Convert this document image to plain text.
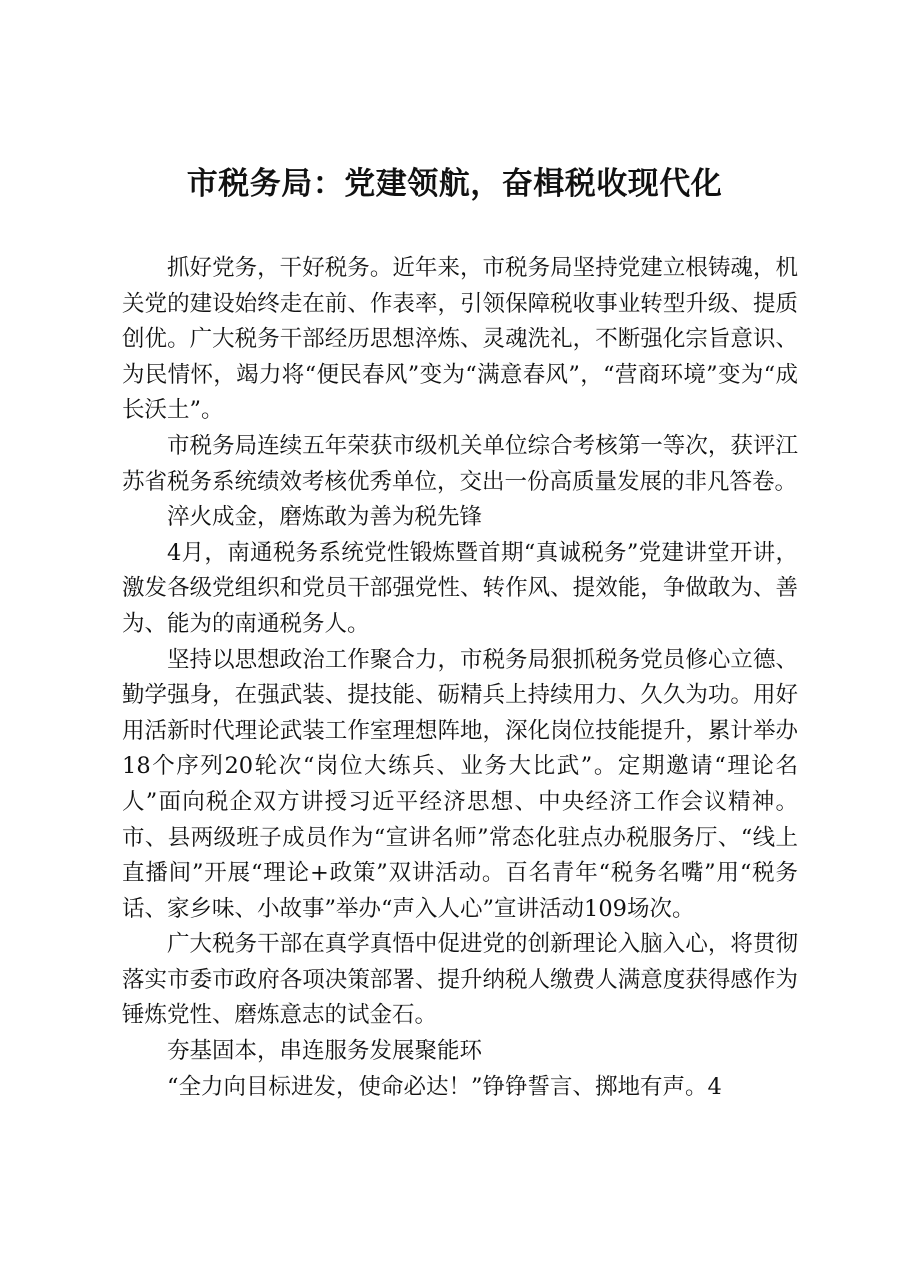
市税务局：党建领航，奋楫税收现代化

抓好党务，干好税务。近年来，市税务局坚持党建立根铸魂，机关党的建设始终走在前、作表率，引领保障税收事业转型升级、提质创优。广大税务干部经历思想淬炼、灵魂洗礼，不断强化宗旨意识、为民情怀，竭力将“便民春风”变为“满意春风”，“营商环境”变为“成长沃土”。

市税务局连续五年荣获市级机关单位综合考核第一等次，获评江苏省税务系统绩效考核优秀单位，交出一份高质量发展的非凡答卷。

淬火成金，磨炼敢为善为税先锋

4月，南通税务系统党性锻炼暨首期“真诚税务”党建讲堂开讲，激发各级党组织和党员干部强党性、转作风、提效能，争做敢为、善为、能为的南通税务人。

坚持以思想政治工作聚合力，市税务局狠抓税务党员修心立德、勤学强身，在强武装、提技能、砺精兵上持续用力、久久为功。用好用活新时代理论武装工作室理想阵地，深化岗位技能提升，累计举办18个序列20轮次“岗位大练兵、业务大比武”。定期邀请“理论名人”面向税企双方讲授习近平经济思想、中央经济工作会议精神。市、县两级班子成员作为“宣讲名师”常态化驻点办税服务厅、“线上直播间”开展“理论+政策”双讲活动。百名青年“税务名嘴”用“税务话、家乡味、小故事”举办“声入人心”宣讲活动109场次。

广大税务干部在真学真悟中促进党的创新理论入脑入心，将贯彻落实市委市政府各项决策部署、提升纳税人缴费人满意度获得感作为锤炼党性、磨炼意志的试金石。

夯基固本，串连服务发展聚能环

“全力向目标进发，使命必达！”铮铮誓言、掷地有声。4
